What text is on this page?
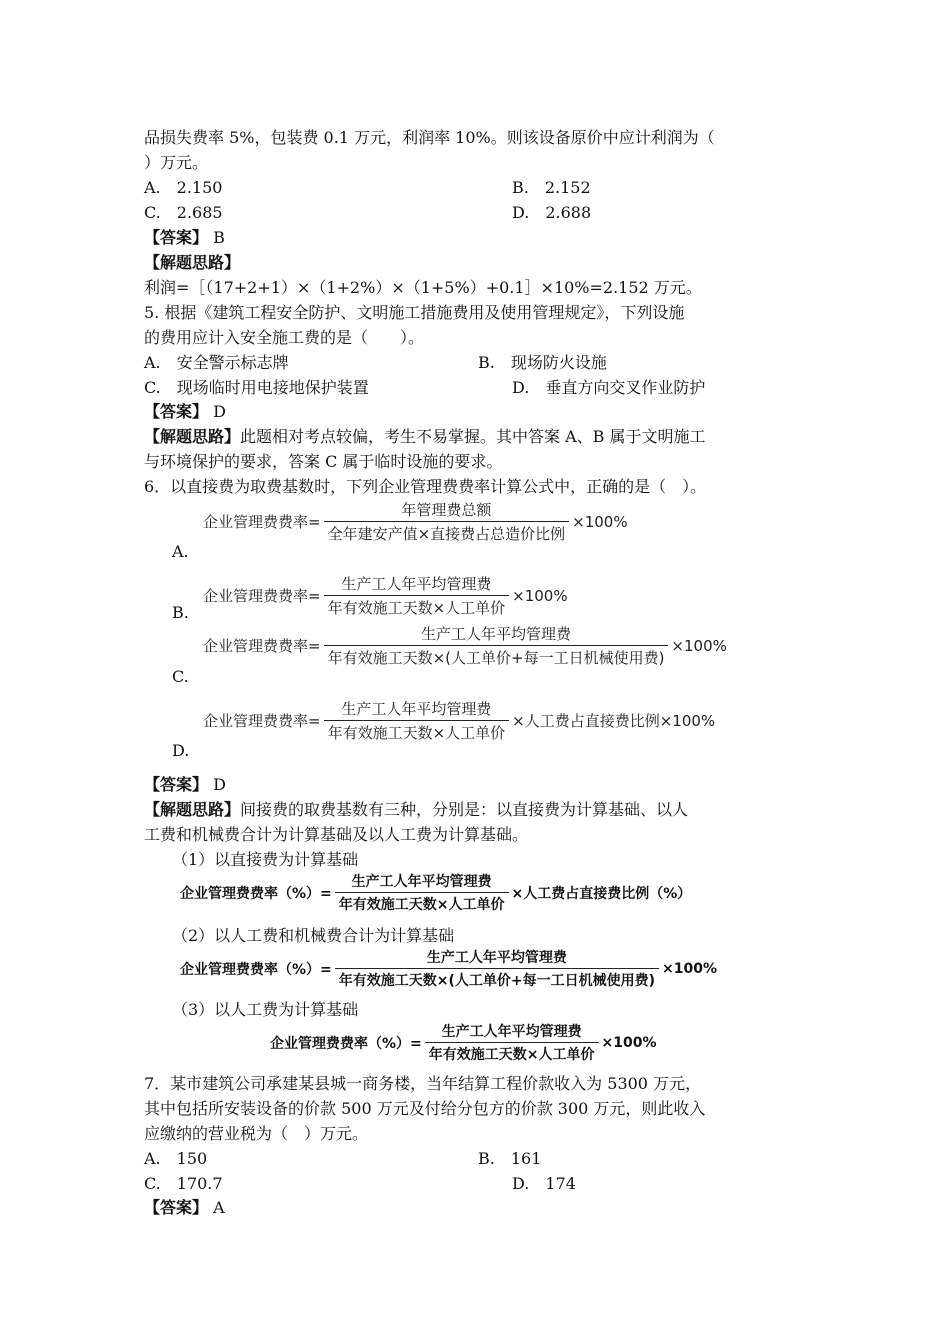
品损失费率 5%，包装费 0.1 万元，利润率 10%。则该设备原价中应计利润为（
）万元。
A.　2.150	B.　2.152
C.　2.685	D.　2.688
【答案】 B
【解题思路】
利润=［（17+2+1）×（1+2%）×（1+5%）+0.1］×10%=2.152 万元。
5. 根据《建筑工程安全防护、文明施工措施费用及使用管理规定》，下列设施
的费用应计入安全施工费的是（　　）。
A.　安全警示标志牌	B.　现场防火设施
C.　现场临时用电接地保护装置	D.　垂直方向交叉作业防护
【答案】 D
【解题思路】此题相对考点较偏，考生不易掌握。其中答案 A、B 属于文明施工
与环境保护的要求，答案 C 属于临时设施的要求。
6．以直接费为取费基数时，下列企业管理费费率计算公式中，正确的是（　）。
企业管理费费率= $\frac{\text{年管理费总额}}{\text{全年建安产值×直接费占总造价比例}} \times 100\%$
A.
企业管理费费率= $\frac{\text{生产工人年平均管理费}}{\text{年有效施工天数×人工单价}} \times 100\%$
B.
企业管理费费率= $\frac{\text{生产工人年平均管理费}}{\text{年有效施工天数×(人工单价+每一工日机械使用费)}} \times 100\%$
C.
企业管理费费率= $\frac{\text{生产工人年平均管理费}}{\text{年有效施工天数×人工单价}}$ ×人工费占直接费比例×100%
D.
【答案】 D
【解题思路】间接费的取费基数有三种，分别是：以直接费为计算基础、以人
工费和机械费合计为计算基础及以人工费为计算基础。
（1）以直接费为计算基础
企业管理费费率（%）= $\frac{\text{生产工人年平均管理费}}{\text{年有效施工天数×人工单价}}$ ×人工费占直接费比例（%）
（2）以人工费和机械费合计为计算基础
企业管理费费率（%）= $\frac{\text{生产工人年平均管理费}}{\text{年有效施工天数×(人工单价+每一工日机械使用费)}} \times 100\%$
（3）以人工费为计算基础
企业管理费费率（%）= $\frac{\text{生产工人年平均管理费}}{\text{年有效施工天数×人工单价}} \times 100\%$
7．某市建筑公司承建某县城一商务楼，当年结算工程价款收入为 5300 万元，
其中包括所安装设备的价款 500 万元及付给分包方的价款 300 万元，则此收入
应缴纳的营业税为（　）万元。
A.　150	B.　161
C.　170.7	D.　174
【答案】 A
